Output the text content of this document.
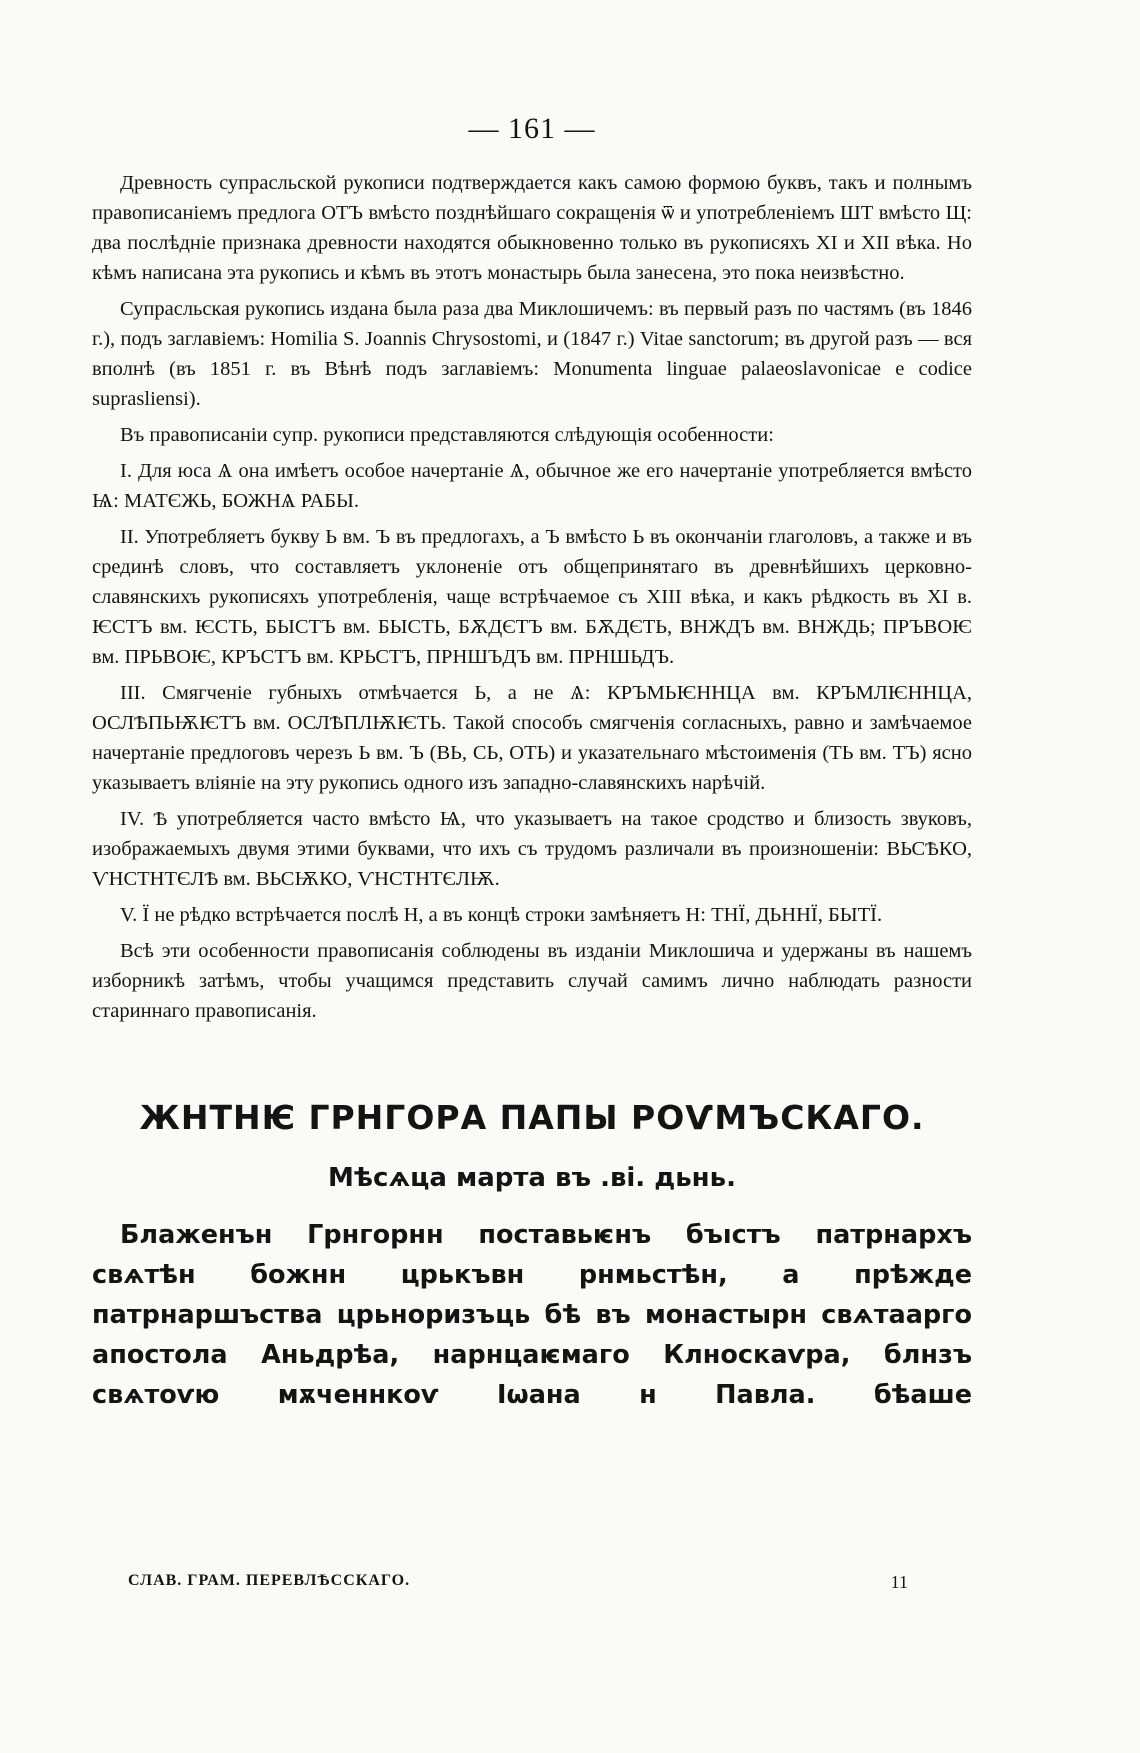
— 161 —

Древность супрасльской рукописи подтверждается какъ самою формою буквъ, такъ и полнымъ правописаніемъ предлога ОТЪ вмѣсто позднѣйшаго сокращенія ѿ и употребленіемъ ШТ вмѣсто Щ: два послѣдніе признака древности находятся обыкновенно только въ рукописяхъ XI и XII вѣка. Но кѣмъ написана эта рукопись и кѣмъ въ этотъ монастырь была занесена, это пока неизвѣстно.

Супрасльская рукопись издана была раза два Миклошичемъ: въ первый разъ по частямъ (въ 1846 г.), подъ заглавіемъ: Homilia S. Joannis Chrysostomi, и (1847 г.) Vitae sanctorum; въ другой разъ — вся вполнѣ (въ 1851 г. въ Вѣнѣ подъ заглавіемъ: Monumenta linguae palaeoslavonicae e codice suprasliensi).

Въ правописаніи супр. рукописи представляются слѣдующія особенности:

I. Для юса Ѧ она имѣетъ особое начертаніе Ѧ, обычное же его начертаніе употребляется вмѣсто Ѩ: МАТЄЖЬ, БОЖНѦ РАБЫ.

II. Употребляетъ букву Ь вм. Ъ въ предлогахъ, а Ъ вмѣсто Ь въ окончаніи глаголовъ, а также и въ срединѣ словъ, что составляетъ уклоненіе отъ общепринятаго въ древнѣйшихъ церковно-славянскихъ рукописяхъ употребленія, чаще встрѣчаемое съ XIII вѣка, и какъ рѣдкость въ XI в. ѤСТЪ вм. ѤСТЬ, БЫСТЪ вм. БЫСТЬ, БѪДЄТЪ вм. БѪДЄТЬ, ВНЖДЪ вм. ВНЖДЬ; ПРЪВОѤ вм. ПРЬВОѤ, КРЪСТЪ вм. КРЬСТЪ, ПРНШЪДЪ вм. ПРНШЬДЪ.

III. Смягченіе губныхъ отмѣчается Ь, а не Ѧ: КРЪМЬѤННЦА вм. КРЪМЛѤННЦА, ОСЛѢПЬѬѤТЪ вм. ОСЛѢПЛѬѤТЬ. Такой способъ смягченія согласныхъ, равно и замѣчаемое начертаніе предлоговъ черезъ Ь вм. Ъ (ВЬ, СЬ, ОТЬ) и указательнаго мѣстоименія (ТЬ вм. ТЪ) ясно указываетъ вліяніе на эту рукопись одного изъ западно-славянскихъ нарѣчій.

IV. Ѣ употребляется часто вмѣсто Ѩ, что указываетъ на такое сродство и близость звуковъ, изображаемыхъ двумя этими буквами, что ихъ съ трудомъ различали въ произношеніи: ВЬСѢКО, ѴНСТНТЄЛѢ вм. ВЬСѬКО, ѴНСТНТЄЛѬ.

V. Ї не рѣдко встрѣчается послѣ Н, а въ концѣ строки замѣняетъ Н: ТНЇ, ДЬННЇ, БЫТЇ.

Всѣ эти особенности правописанія соблюдены въ изданіи Миклошича и удержаны въ нашемъ изборникѣ затѣмъ, чтобы учащимся представить случай самимъ лично наблюдать разности стариннаго правописанія.

ЖНТНѤ ГРНГОРА ПАПЫ РОѴМЪСКАГО.
Мѣсѧца марта въ .ві. дьнь.

Блаженън Грнгорнн поставьѥнъ бъıстъ патрнархъ свѧтѣн божнн црькъвн рнмьстѣн, а прѣжде патрнаршъства црьноризъць бѣ въ монастырн свѧтаарго апостола Аньдрѣа, нарнцаѥмаго Клноскаѵра, блнзъ свѧтоѵю мѫченнкоѵ Іѡана н Павла. бѣаше

СЛАВ. ГРАМ. ПЕРЕВЛѢССКАГО.	11
